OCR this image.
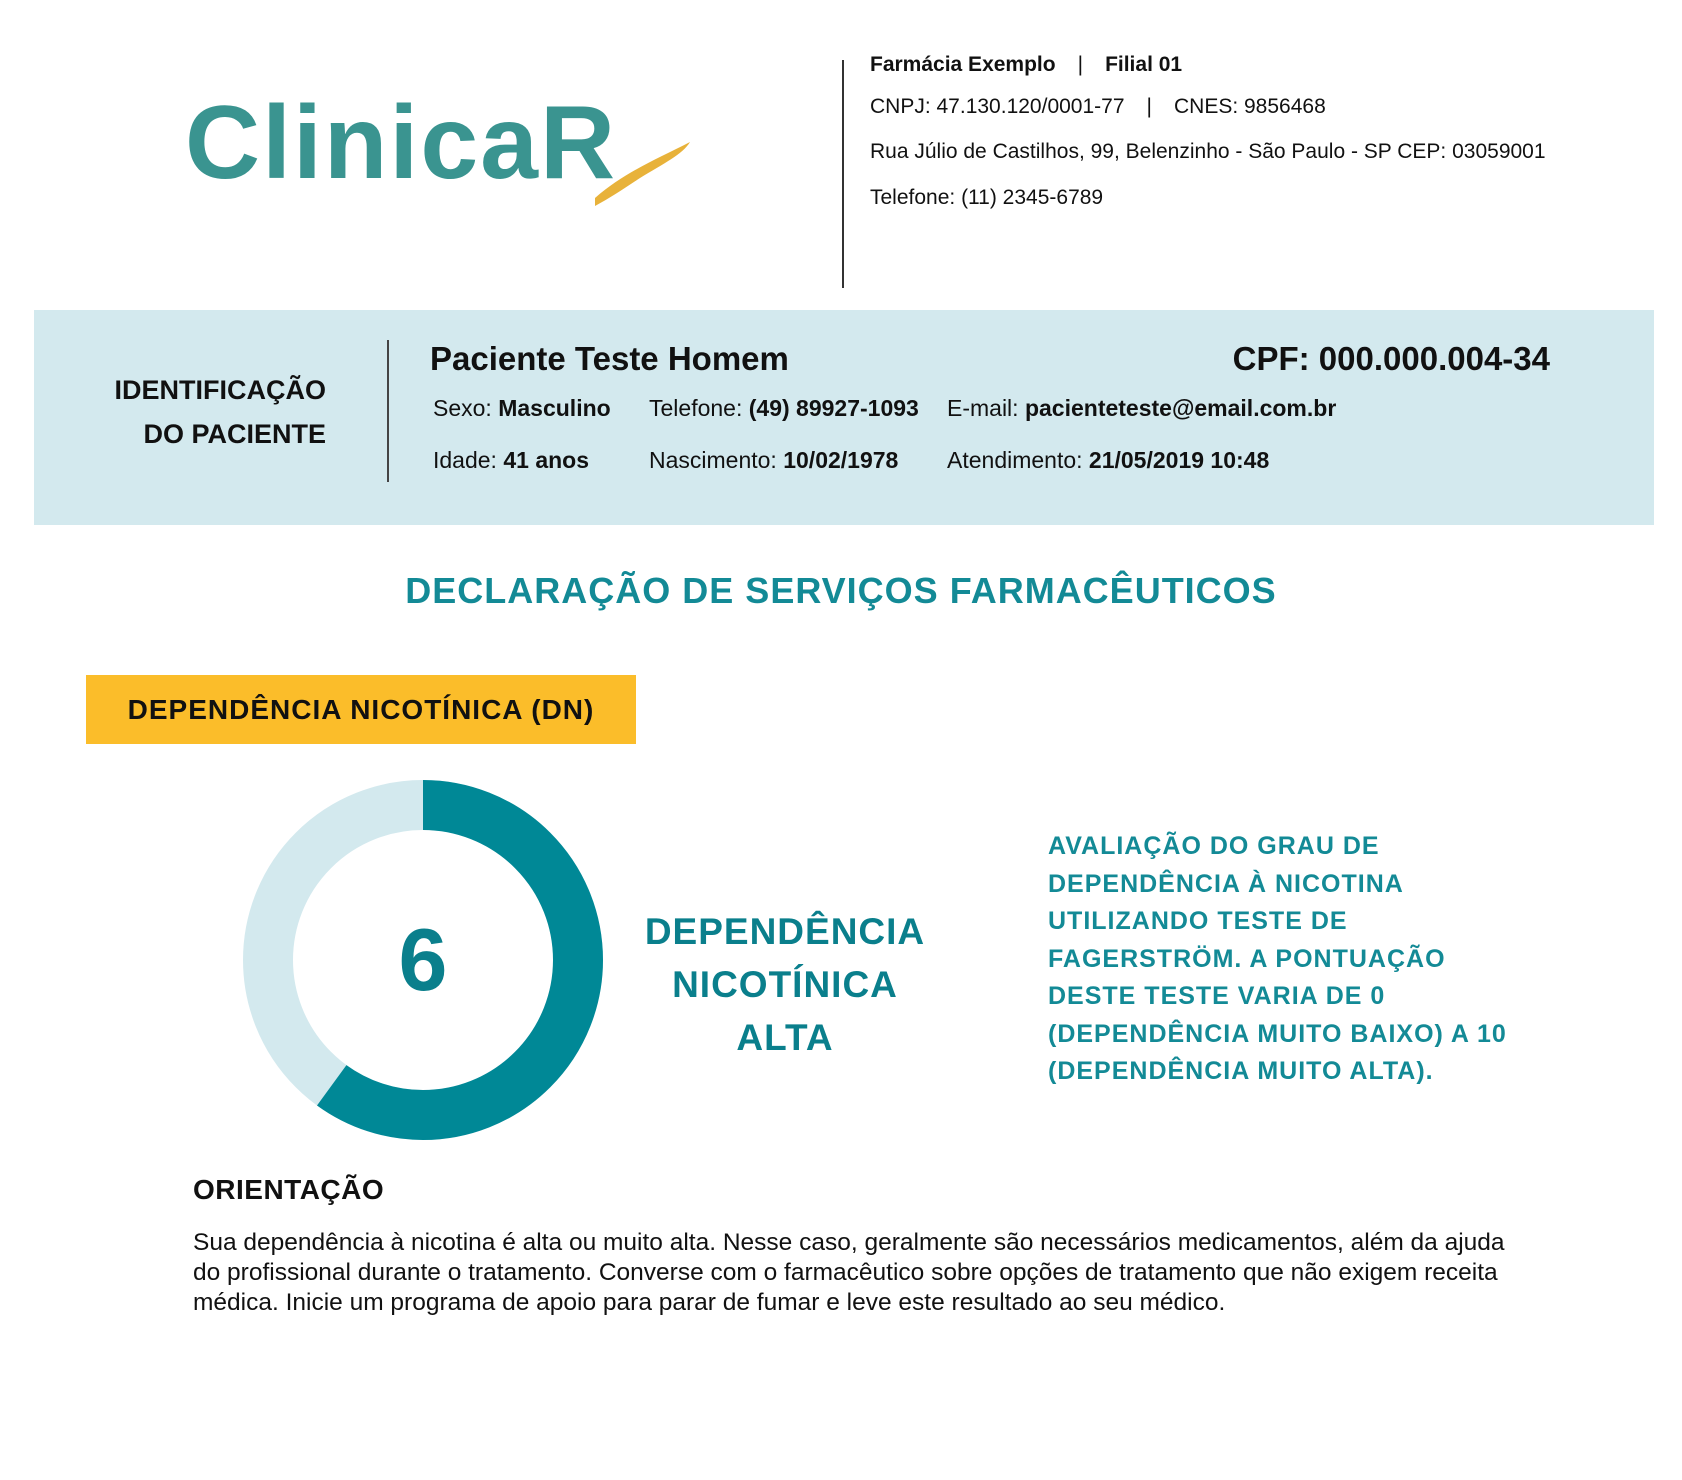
ClinicaR
Farmácia Exemplo | Filial 01
CNPJ: 47.130.120/0001-77 | CNES: 9856468
Rua Júlio de Castilhos, 99, Belenzinho - São Paulo - SP CEP: 03059001
Telefone: (11) 2345-6789
IDENTIFICAÇÃO
DO PACIENTE
Paciente Teste Homem	CPF: 000.000.004-34
Sexo: Masculino Telefone: (49) 89927-1093 E-mail: pacienteteste@email.com.br
Idade: 41 anos	Nascimento: 10/02/1978 Atendimento: 21/05/2019 10:48
DECLARAÇÃO DE SERVIÇOS FARMACÊUTICOS
DEPENDÊNCIA NICOTÍNICA (DN)
6	DEPENDÊNCIA
NICOTÍNICA
ALTA
AVALIAÇÃO DO GRAU DE DEPENDÊNCIA À NICOTINA UTILIZANDO TESTE DE FAGERSTRÖM. A PONTUAÇÃO DESTE TESTE VARIA DE 0 (DEPENDÊNCIA MUITO BAIXO) A 10 (DEPENDÊNCIA MUITO ALTA).
ORIENTAÇÃO
Sua dependência à nicotina é alta ou muito alta. Nesse caso, geralmente são necessários medicamentos, além da ajuda do profissional durante o tratamento. Converse com o farmacêutico sobre opções de tratamento que não exigem receita médica. Inicie um programa de apoio para parar de fumar e leve este resultado ao seu médico.
